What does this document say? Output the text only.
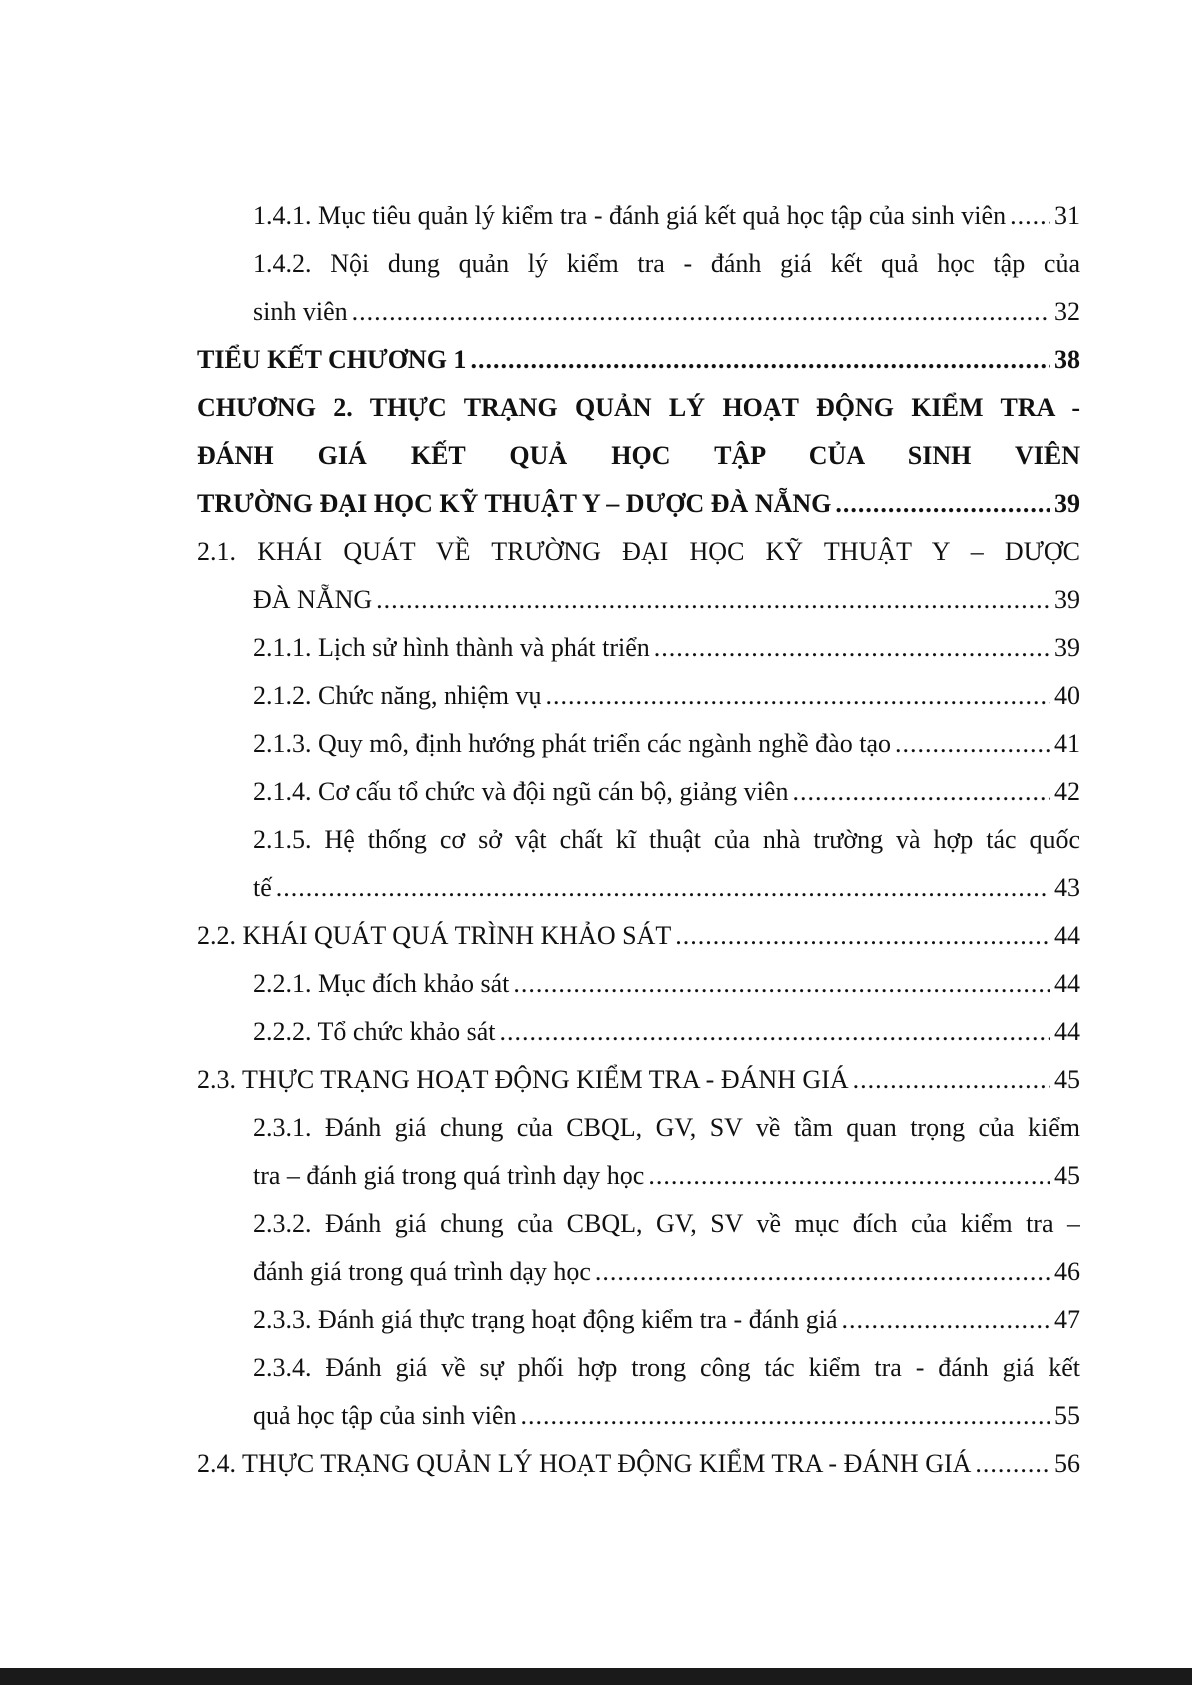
1.4.1. Mục tiêu quản lý kiểm tra - đánh giá kết quả học tập của sinh viên ..... 31
1.4.2. Nội dung quản lý kiểm tra - đánh giá kết quả học tập của
sinh viên .....	32
TIỂU KẾT CHƯƠNG 1 .....	38
CHƯƠNG 2. THỰC TRẠNG QUẢN LÝ HOẠT ĐỘNG KIỂM TRA -
ĐÁNH GIÁ KẾT QUẢ HỌC TẬP CỦA SINH VIÊN
TRƯỜNG ĐẠI HỌC KỸ THUẬT Y – DƯỢC ĐÀ NẴNG .....	39
2.1. KHÁI QUÁT VỀ TRƯỜNG ĐẠI HỌC KỸ THUẬT Y – DƯỢC
ĐÀ NẴNG .....	39
2.1.1. Lịch sử hình thành và phát triển .....	39
2.1.2. Chức năng, nhiệm vụ .....	40
2.1.3. Quy mô, định hướng phát triển các ngành nghề đào tạo .....	41
2.1.4. Cơ cấu tổ chức và đội ngũ cán bộ, giảng viên .....	42
2.1.5. Hệ thống cơ sở vật chất kĩ thuật của nhà trường và hợp tác quốc
tế .....	43
2.2. KHÁI QUÁT QUÁ TRÌNH KHẢO SÁT .....	44
2.2.1. Mục đích khảo sát .....	44
2.2.2. Tổ chức khảo sát .....	44
2.3. THỰC TRẠNG HOẠT ĐỘNG KIỂM TRA - ĐÁNH GIÁ .....	45
2.3.1. Đánh giá chung của CBQL, GV, SV về tầm quan trọng của kiểm
tra – đánh giá trong quá trình dạy học .....	45
2.3.2. Đánh giá chung của CBQL, GV, SV về mục đích của kiểm tra –
đánh giá trong quá trình dạy học .....	46
2.3.3. Đánh giá thực trạng hoạt động kiểm tra - đánh giá .....	47
2.3.4. Đánh giá về sự phối hợp trong công tác kiểm tra - đánh giá kết
quả học tập của sinh viên .....	55
2.4. THỰC TRẠNG QUẢN LÝ HOẠT ĐỘNG KIỂM TRA - ĐÁNH GIÁ .....	56
